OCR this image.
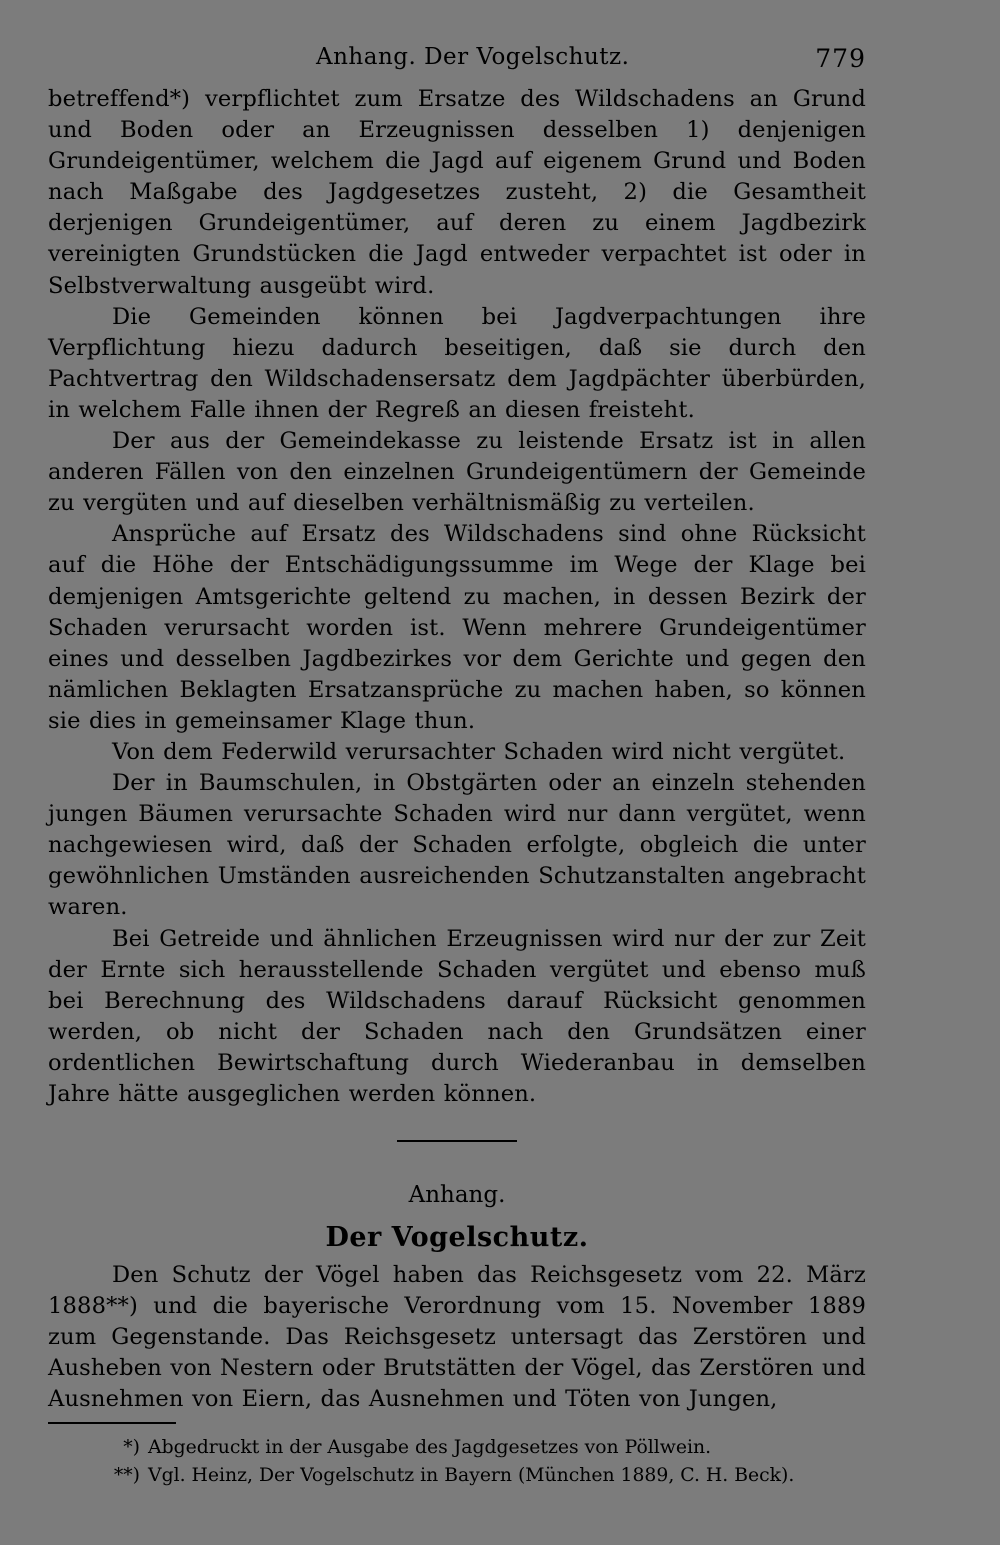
Anhang. Der Vogelschutz.	779

betreffend*) verpflichtet zum Ersatze des Wildschadens an Grund und Boden oder an Erzeugnissen desselben 1) denjenigen Grundeigentümer, welchem die Jagd auf eigenem Grund und Boden nach Maßgabe des Jagdgesetzes zusteht, 2) die Gesamtheit derjenigen Grundeigentümer, auf deren zu einem Jagdbezirk vereinigten Grundstücken die Jagd entweder verpachtet ist oder in Selbstverwaltung ausgeübt wird.

Die Gemeinden können bei Jagdverpachtungen ihre Verpflichtung hiezu dadurch beseitigen, daß sie durch den Pachtvertrag den Wildschadensersatz dem Jagdpächter überbürden, in welchem Falle ihnen der Regreß an diesen freisteht.

Der aus der Gemeindekasse zu leistende Ersatz ist in allen anderen Fällen von den einzelnen Grundeigentümern der Gemeinde zu vergüten und auf dieselben verhältnismäßig zu verteilen.

Ansprüche auf Ersatz des Wildschadens sind ohne Rücksicht auf die Höhe der Entschädigungssumme im Wege der Klage bei demjenigen Amtsgerichte geltend zu machen, in dessen Bezirk der Schaden verursacht worden ist. Wenn mehrere Grundeigentümer eines und desselben Jagdbezirkes vor dem Gerichte und gegen den nämlichen Beklagten Ersatzansprüche zu machen haben, so können sie dies in gemeinsamer Klage thun.

Von dem Federwild verursachter Schaden wird nicht vergütet.

Der in Baumschulen, in Obstgärten oder an einzeln stehenden jungen Bäumen verursachte Schaden wird nur dann vergütet, wenn nachgewiesen wird, daß der Schaden erfolgte, obgleich die unter gewöhnlichen Umständen ausreichenden Schutzanstalten angebracht waren.

Bei Getreide und ähnlichen Erzeugnissen wird nur der zur Zeit der Ernte sich herausstellende Schaden vergütet und ebenso muß bei Berechnung des Wildschadens darauf Rücksicht genommen werden, ob nicht der Schaden nach den Grundsätzen einer ordentlichen Bewirtschaftung durch Wiederanbau in demselben Jahre hätte ausgeglichen werden können.

Anhang.
Der Vogelschutz.

Den Schutz der Vögel haben das Reichsgesetz vom 22. März 1888**) und die bayerische Verordnung vom 15. November 1889 zum Gegenstande. Das Reichsgesetz untersagt das Zerstören und Ausheben von Nestern oder Brutstätten der Vögel, das Zerstören und Ausnehmen von Eiern, das Ausnehmen und Töten von Jungen,

*) Abgedruckt in der Ausgabe des Jagdgesetzes von Pöllwein.

**) Vgl. Heinz, Der Vogelschutz in Bayern (München 1889, C. H. Beck).
